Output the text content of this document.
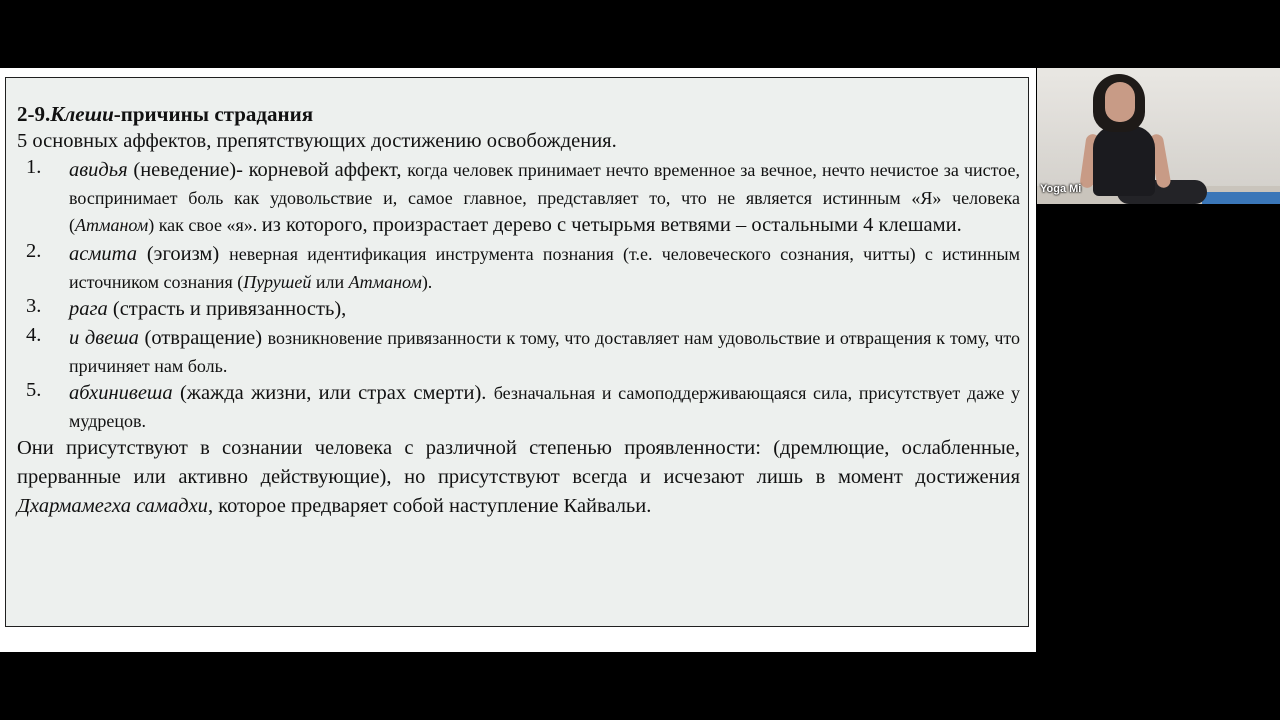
2-9.Клеши-причины страдания

5 основных аффектов, препятствующих достижению освобождения.

1. авидья (неведение)- корневой аффект, когда человек принимает нечто временное за вечное, нечто нечистое за чистое, воспринимает боль как удовольствие и, самое главное, представляет то, что не является истинным «Я» человека (Атманом) как свое «я». из которого, произрастает дерево с четырьмя ветвями – остальными 4 клешами.
2. асмита (эгоизм) неверная идентификация инструмента познания (т.е. человеческого сознания, читты) с истинным источником сознания (Пурушей или Атманом).
3. рага (страсть и привязанность),
4. и двеша (отвращение) возникновение привязанности к тому, что доставляет нам удовольствие и отвращения к тому, что причиняет нам боль.
5. абхинивеша (жажда жизни, или страх смерти). безначальная и самоподдерживающаяся сила, присутствует даже у мудрецов.

Они присутствуют в сознании человека с различной степенью проявленности: (дремлющие, ослабленные, прерванные или активно действующие), но присутствуют всегда и исчезают лишь в момент достижения Дхармамегха самадхи, которое предваряет собой наступление Кайвальи.

Yoga Mi
